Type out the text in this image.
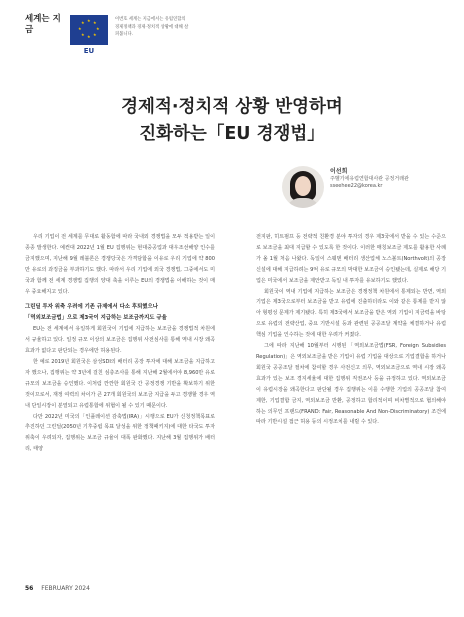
세계는 지금
★ ★
★
★
★
★
★
★
EU
이번호 세계는 지금에서는 유럽연합의 경제정책과 경제·정치적 상황에 대해 살펴봅니다.
경제적·정치적 상황 반영하며
진화하는「EU 경쟁법」
이선희
주벨기에유럽연합대사관 공정거래관
sseehee22@korea.kr

우리 기업이 전 세계를 무대로 활동함에 따라 국내외 경쟁법을 모두 적용받는 일이 종종 발생한다. 예컨대 2022년 1월 EU 집행위는 현대중공업과 대우조선해양 인수를 금지했으며, 지난해 9월 레블론은 경쟁당국은 가격담합을 이유로 우리 기업에 약 800만 유로의 과징금을 부과하기도 했다. 따라서 우리 기업에 외국 경쟁법, 그중에서도 미국과 함께 전 세계 경쟁법 집행의 양대 축을 이루는 EU의 경쟁법을 이해하는 것이 매우 중요해지고 있다.

그린딜 투자 위축 우려에 기존 규제에서 다소 후퇴했으나

「역외보조금법」으로 제3국이 지급하는 보조금까지도 규율

EU는 전 세계에서 유일하게 회원국이 기업에 지급하는 보조금을 경쟁법적 차원에서 규율하고 있다. 일정 규모 이상의 보조금은 집행위 사전심사를 통해 역내 시장 왜곡 효과가 없다고 판단되는 경우에만 허용된다.

한 예로 2019년 회원국은 삼성SDI의 배터리 공장 투자에 대해 보조금을 지급하고자 했으나, 집행위는 약 3년에 걸친 심층조사를 통해 지난해 2월에서야 8,960만 유로 규모의 보조금을 승인했다. 이처럼 깐깐한 회원국 간 공정경쟁 기반을 확보하기 위한 것이므로서, 재정 여력의 차이가 큰 27개 회원국의 보조금 지급을 두고 경쟁할 경우 역내 단일시장이 분열되고 유럽통합에 위협이 될 수 있기 때문이다.

다만 2022년 미국의「인플레이션 감축법(IRA)」시행으로 EU가 신청정책목표로 추진하던 그린딜(2050년 기후중립 목표 달성을 위한 정책패키지)에 대한 타국도 투자 위축이 우려되자, 집행위는 보조금 규율이 대폭 완화했다. 지난해 3월 집행위가 배터리, 태양

전지판, 히트펌프 등 전략적 친환경 분야 투자의 경우 제3국에서 받을 수 있는 수준으로 보조금을 최대 지급할 수 있도록 한 것이다. 이러한 매칭보조금 제도를 활용한 사례가 올 1월 처음 나왔다. 독일이 스웨덴 배터리 생산업체 노스볼트(Northvolt)의 공장 신설에 대해 지급하려는 9억 유로 규모의 막대한 보조금이 승인됐는데, 실제로 해당 기업은 미국에서 보조금을 제안받고 독일 내 투자를 유보하기도 했었다.

회원국이 역내 기업에 지급하는 보조금은 경쟁정책 차원에서 통제되는 반면, 역외 기업은 제3국으로부터 보조금을 받고 유럽에 진출하더라도 이와 같은 통제를 받지 않아 형평성 문제가 제기됐다. 특히 제3국에서 보조금을 받은 역외 기업이 지금력을 바탕으로 유럽의 전략산업, 중요 기반시설 등과 관련된 공공조달 계약을 체결하거나 유럽 핵심 기업을 인수하는 것에 대한 우려가 커졌다.

그에 따라 지난해 10월부터 시행된「역외보조금법(FSR, Foreign Subsidies Regulation)」은 역외보조금을 받은 기업이 유럽 기업을 대상으로 기업결합을 하거나 회원국 공공조달 절차에 참여할 경우 사전신고 의무, 역외보조금으로 역내 시장 왜곡 효과가 있는 보조 경지세율에 대한 집행위 직권조사 등을 규정하고 있다. 역외보조금이 유럽시장을 왜곡한다고 판단될 경우 집행위는 이를 수행한 기업의 공공조달 참여 제한, 기업결합 금지, 역외보조금 반환, 공정하고 합리적이며 비차별적으로 협의해야 하는 의무인 프랜드(FRAND: Fair, Reasonable And Non-Discriminatory) 조건에 따라 기반시설 접근 허용 등의 시정조치를 내릴 수 있다.

56 FEBRUARY 2024
